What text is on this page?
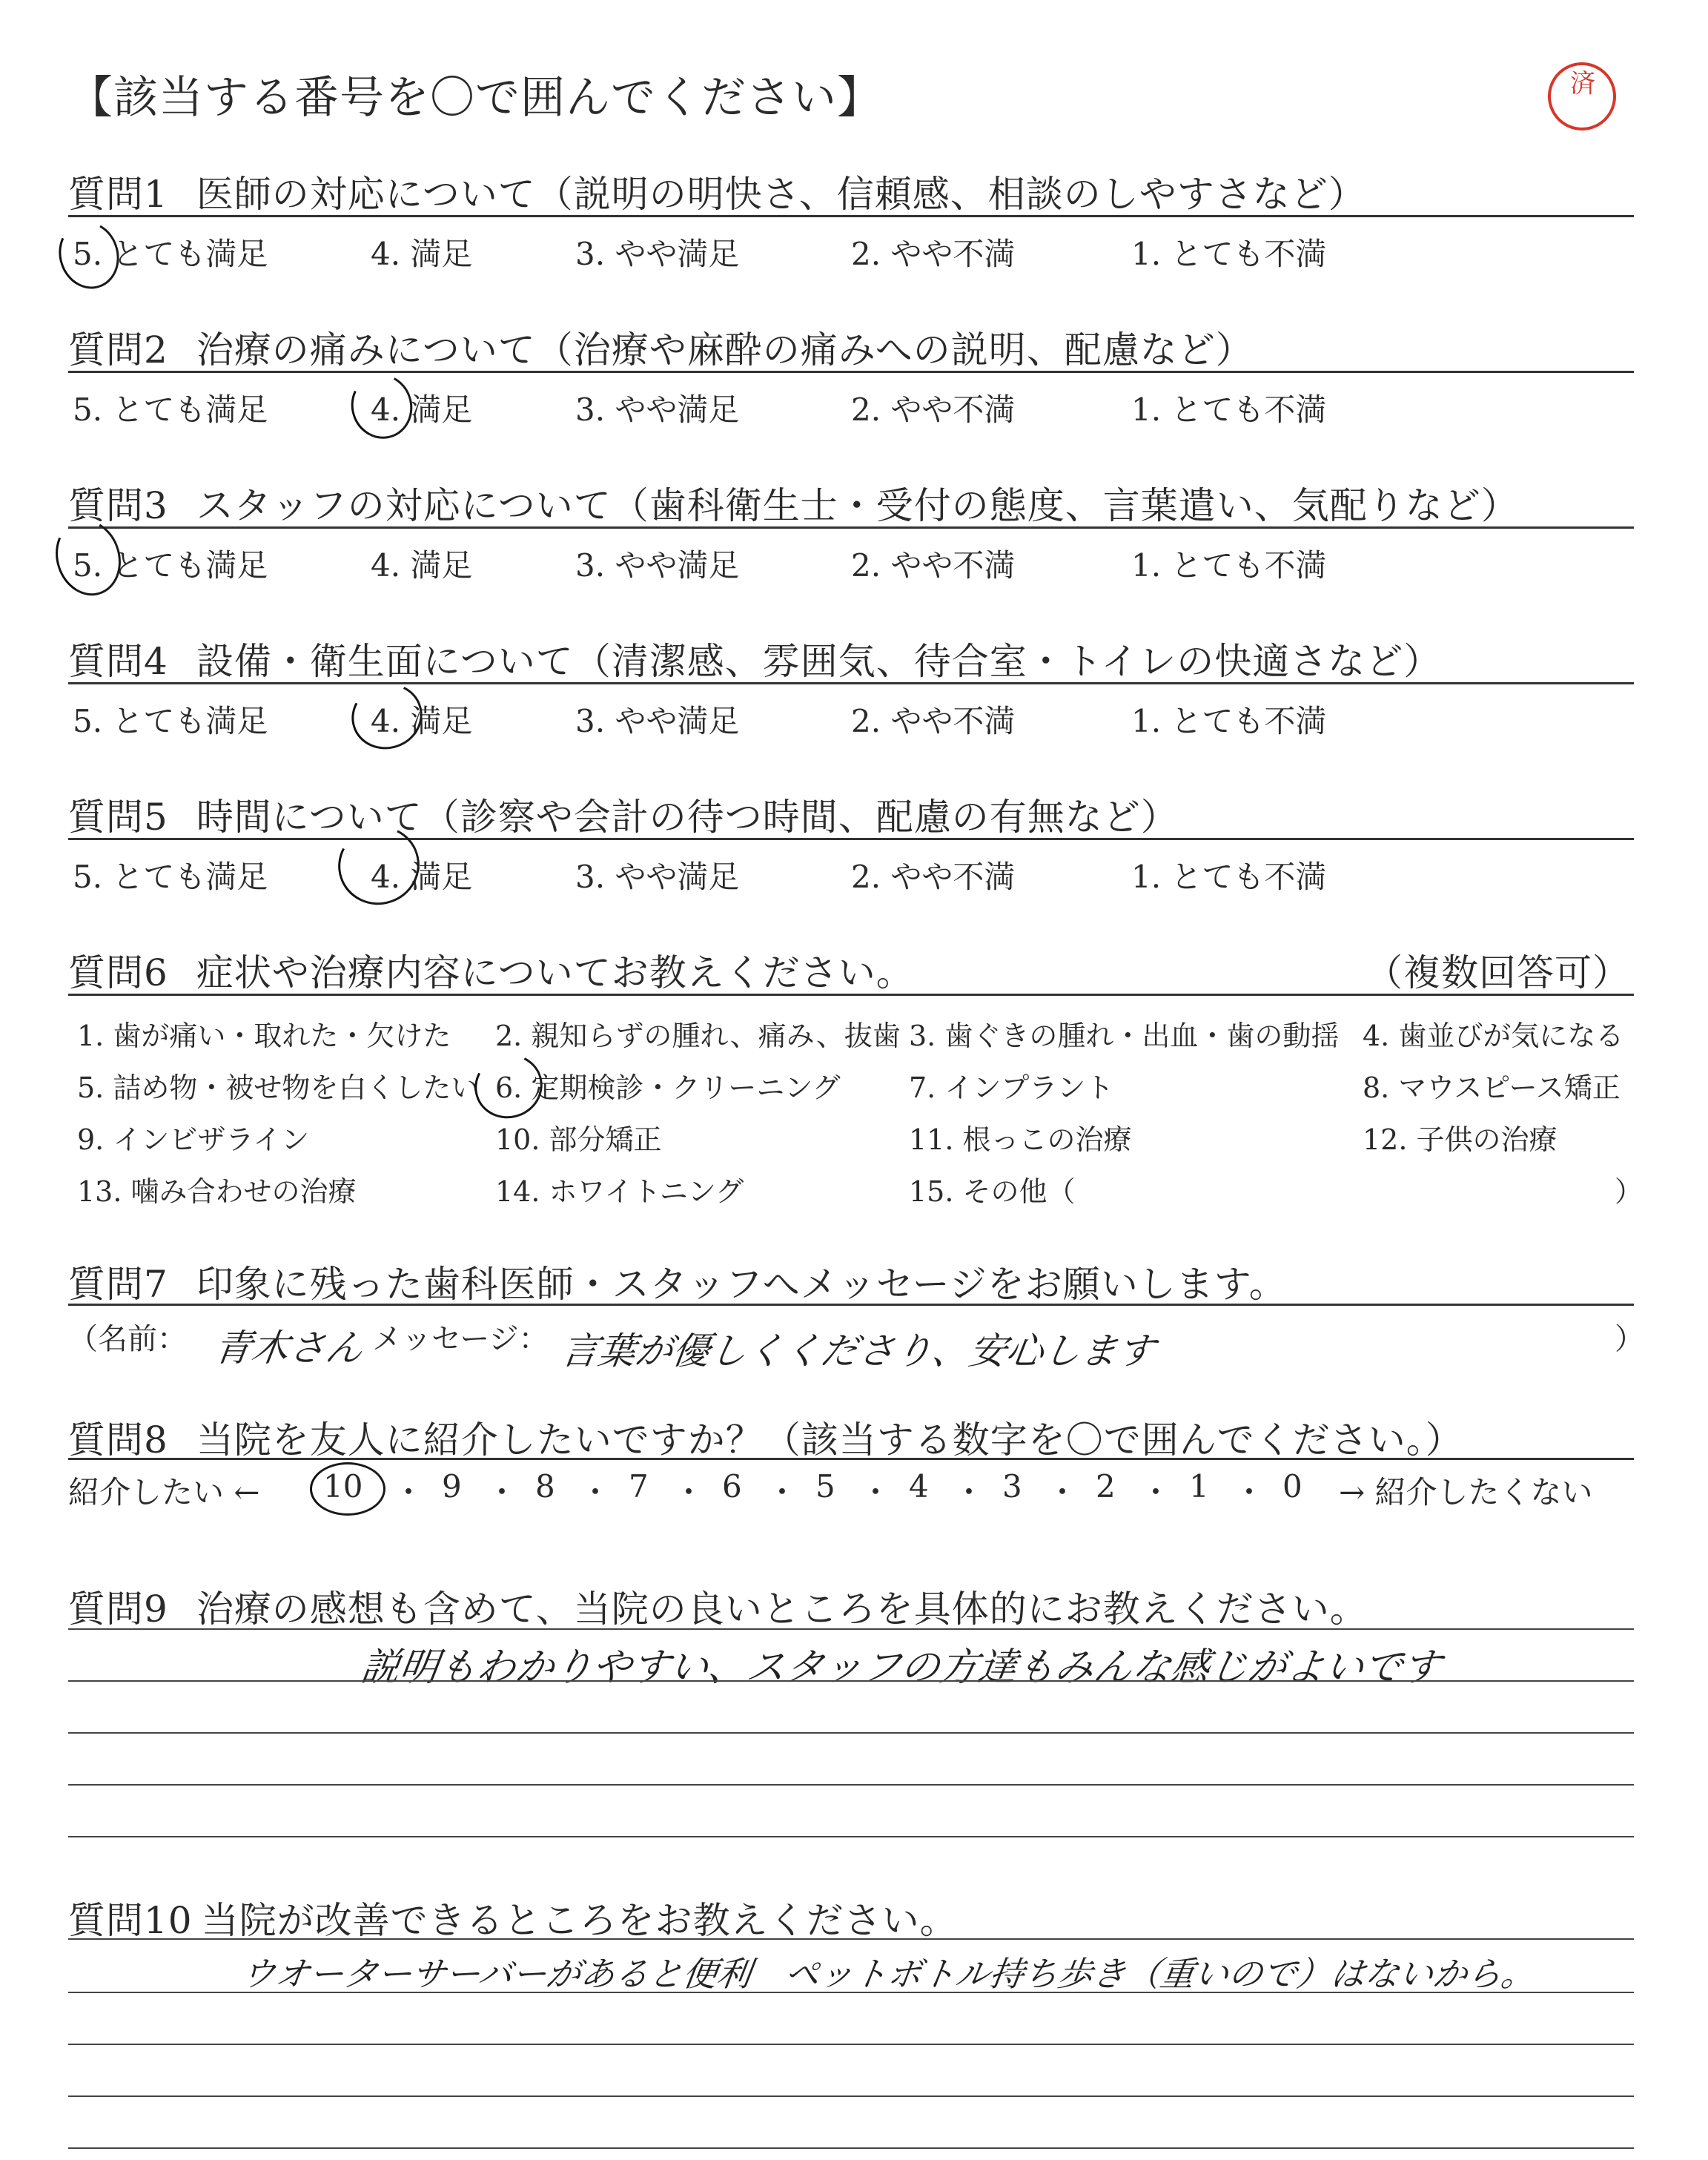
【該当する番号を〇で囲んでください】	済
質問1 医師の対応について（説明の明快さ、信頼感、相談のしやすさなど）
5. とても満足	4. 満足	3. やや満足	2. やや不満	1. とても不満
質問2 治療の痛みについて（治療や麻酔の痛みへの説明、配慮など）
5. とても満足	4. 満足	3. やや満足	2. やや不満	1. とても不満
質問3 スタッフの対応について（歯科衛生士・受付の態度、言葉遣い、気配りなど）
5. とても満足	4. 満足	3. やや満足	2. やや不満	1. とても不満
質問4 設備・衛生面について（清潔感、雰囲気、待合室・トイレの快適さなど）
5. とても満足	4. 満足	3. やや満足	2. やや不満	1. とても不満
質問5 時間について（診察や会計の待つ時間、配慮の有無など）
5. とても満足	4. 満足	3. やや満足	2. やや不満	1. とても不満
質問6 症状や治療内容についてお教えください。	（複数回答可）
1. 歯が痛い・取れた・欠けた 2. 親知らずの腫れ、痛み、抜歯 3. 歯ぐきの腫れ・出血・歯の動揺 4. 歯並びが気になる
5. 詰め物・被せ物を白くしたい 6. 定期検診・クリーニング 7. インプラント	8. マウスピース矯正
9. インビザライン	10. 部分矯正	11. 根っこの治療	12. 子供の治療
13. 噛み合わせの治療	14. ホワイトニング	15. その他（	）
質問7 印象に残った歯科医師・スタッフへメッセージをお願いします。
（名前： 青木さん メッセージ： 言葉が優しくくださり、安心します	）
質問8 当院を友人に紹介したいですか？（該当する数字を〇で囲んでください。）
紹介したい ← 10 ・ 9 ・ 8 ・ 7 ・ 6 ・ 5 ・ 4 ・ 3 ・ 2 ・ 1 ・ 0 → 紹介したくない
質問9 治療の感想も含めて、当院の良いところを具体的にお教えください。
説明もわかりやすい、スタッフの方達もみんな感じがよいです
質問10 当院が改善できるところをお教えください。
ウオーターサーバーがあると便利　ペットボトル持ち歩き（重いので）はないから。
